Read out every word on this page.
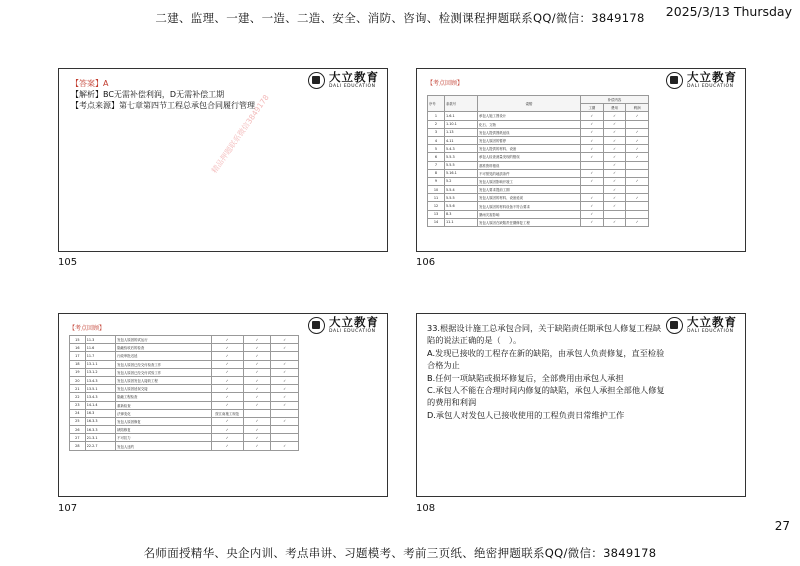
二建、监理、一建、一造、二造、安全、消防、咨询、检测课程押题联系QQ/微信：3849178	2025/3/13 Thursday
【答案】A
【解析】BC无需补偿利润，D无需补偿工期
【考点来源】第七章第四节工程总承包合同履行管理
精品押题联系微信3849178
大立教育
DALI EDUCATION
105
【考点回顾】	大立教育
DALI EDUCATION
序号	条款号	索赔	补偿内容		
			工期	费用	利润
1	1.6.1	承包人施工图设计	✓	✓	✓
2	1.10.1	化石、文物	✓	✓	
3	1.13	发包人提供图纸延误	✓	✓	✓
4	4.11	发包人原因的暂停	✓	✓	✓
5	5.4.3	发包人提供的材料、设备	✓	✓	✓
6	5.5.3	承包人检查测量发现的错误	✓	✓	✓
7	5.5.5	基准资料错误		✓	
8	5.16.1	不可预见的地质条件	✓	✓	
9	5.2	发包人原因影响开竣工	✓	✓	✓
10	5.5.4	发包人要求提前工期		✓	
11	5.5.5	发包人原因的材料、设备延误	✓	✓	✓
12	5.5.6	发包人原因的材料设备不符合要求	✓	✓	
13	8.3	暴雨灾害影响	✓		
14	11.1	发包人原因在缺陷责任期修复工程	✓	✓	✓
106
【考点回顾】	大立教育
DALI EDUCATION
15	11.3	发包人原因的试运行	✓	✓	✓
16	11.6	隐蔽验收后的检查	✓	✓	✓
17	11.7	行政审批迟延	✓	✓	
18	13.1.1	发包人原因已经交付检查工作	✓	✓	✓
19	13.1.2	发包人原因已经交付试验工作	✓	✓	✓
20	13.4.3	发包人原因发包人接收工程	✓	✓	✓
21	13.5.1	发包人原因延误交接	✓	✓	✓
22	13.4.3	隐蔽工程检查	✓	✓	✓
23	14.1.4	重新检查	✓	✓	✓
24	16.3	法律变化	按江南施工规范		
25	16.3.3	发包人原因修复	✓	✓	✓
26	16.3.3	缺陷修复	✓	✓	
27	21.3.1	不可抗力	✓	✓	
28	22.2.7	发包人违约	✓	✓	✓
107

33.根据设计施工总承包合同，关于缺陷责任期承包人修复工程缺陷的说法正确的是（　）。

A.发现已接收的工程存在新的缺陷，由承包人负责修复，直至检验合格为止

B.任何一项缺陷或损坏修复后，全部费用由承包人承担

C.承包人不能在合理时间内修复的缺陷，承包人承担全部他人修复的费用和利润

D.承包人对发包人已接收使用的工程负责日常维护工作

大立教育
DALI EDUCATION
108
27
名师面授精华、央企内训、考点串讲、习题模考、考前三页纸、绝密押题联系QQ/微信：3849178
